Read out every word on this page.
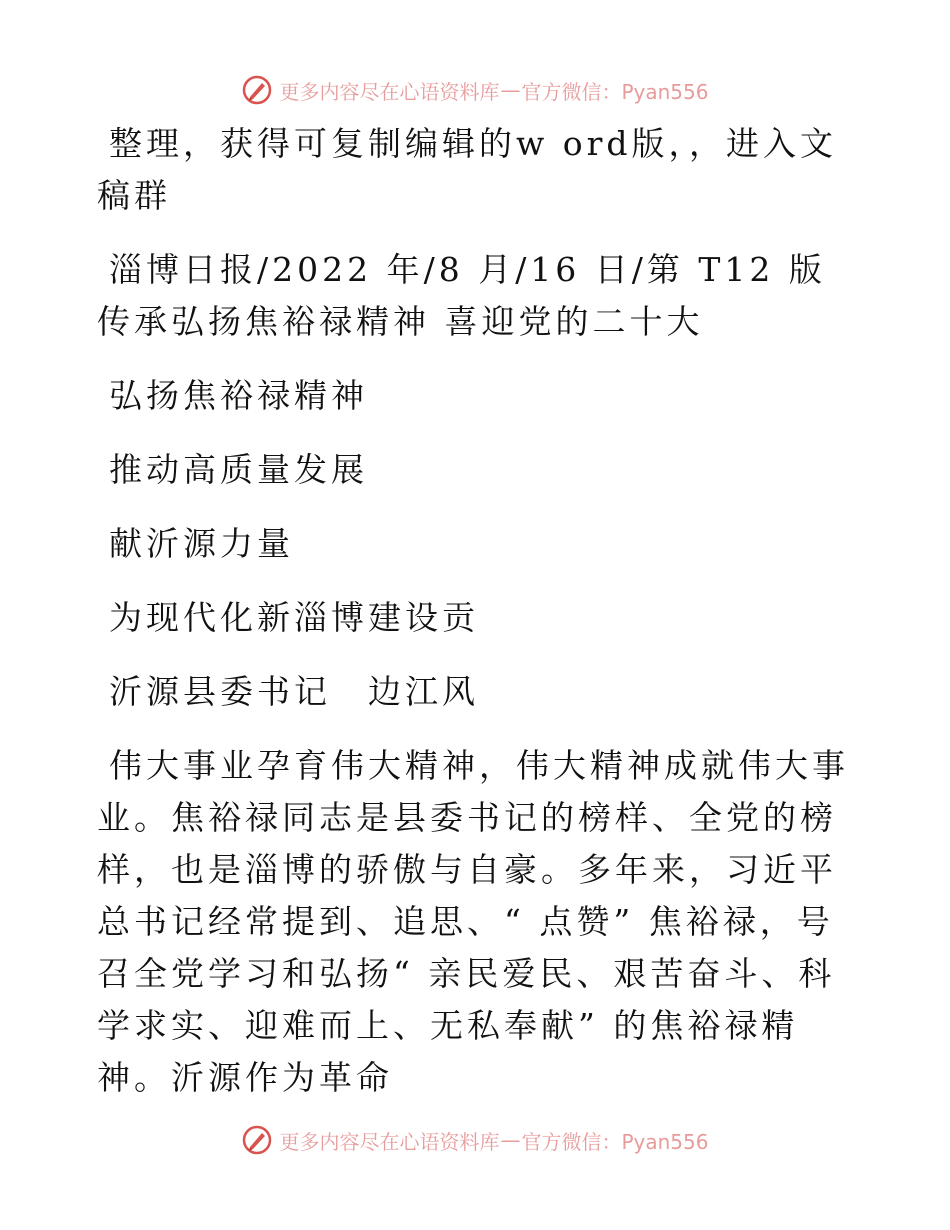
更多内容尽在心语资料库 — 官方微信：Pyan556

整理，获得可复制编辑的w ord版，，进入文稿群

淄博日报/2022 年/8 月/16 日/第 T12 版传承弘扬焦裕禄精神 喜迎党的二十大

弘扬焦裕禄精神

推动高质量发展

献沂源力量

为现代化新淄博建设贡

沂源县委书记　边江风

伟大事业孕育伟大精神，伟大精神成就伟大事业。焦裕禄同志是县委书记的榜样、全党的榜样，也是淄博的骄傲与自豪。多年来，习近平总书记经常提到、追思、“ 点赞” 焦裕禄，号召全党学习和弘扬“ 亲民爱民、艰苦奋斗、科学求实、迎难而上、无私奉献” 的焦裕禄精神。沂源作为革命

更多内容尽在心语资料库 — 官方微信：Pyan556
